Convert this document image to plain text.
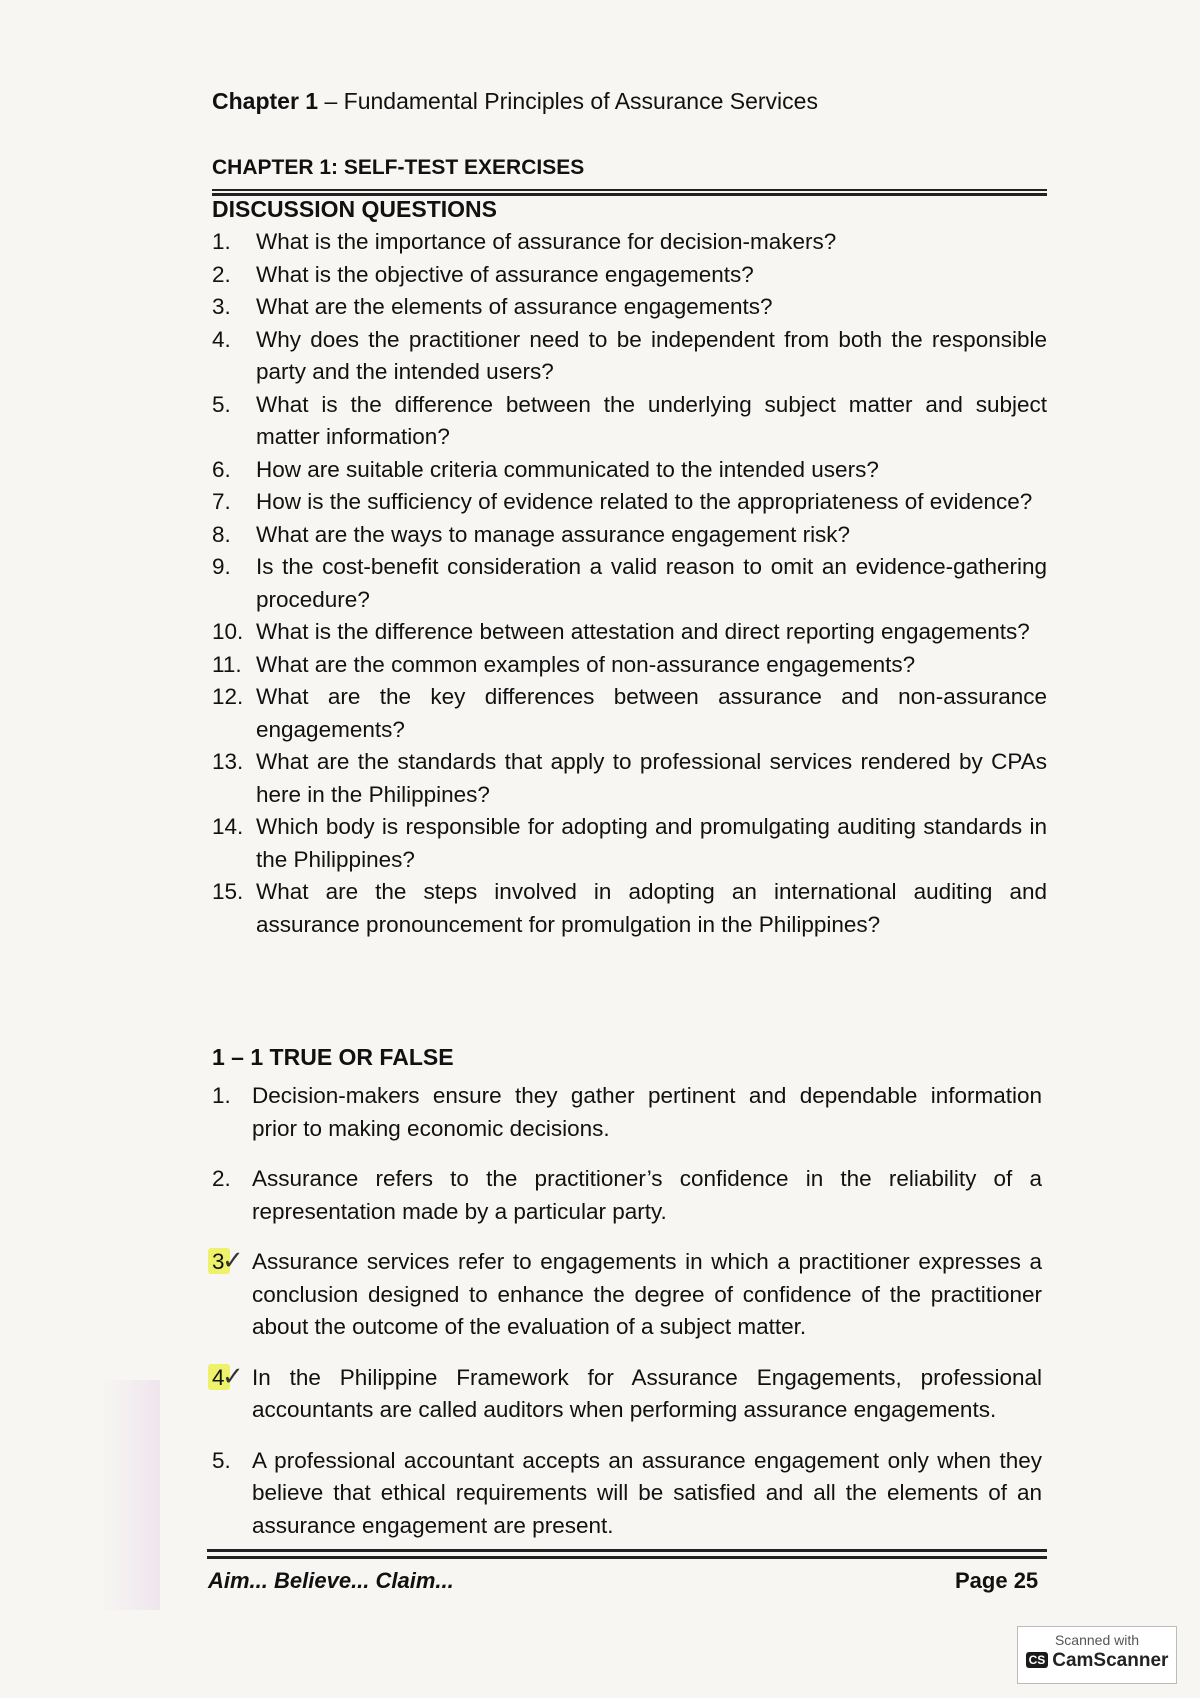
Chapter 1 – Fundamental Principles of Assurance Services
CHAPTER 1: SELF-TEST EXERCISES
DISCUSSION QUESTIONS
1.	What is the importance of assurance for decision-makers?
2.	What is the objective of assurance engagements?
3.	What are the elements of assurance engagements?
4.	Why does the practitioner need to be independent from both the responsible party and the intended users?
5.	What is the difference between the underlying subject matter and subject matter information?
6.	How are suitable criteria communicated to the intended users?
7.	How is the sufficiency of evidence related to the appropriateness of evidence?
8.	What are the ways to manage assurance engagement risk?
9.	Is the cost-benefit consideration a valid reason to omit an evidence-gathering procedure?
10. What is the difference between attestation and direct reporting engagements?
11. What are the common examples of non-assurance engagements?
12. What are the key differences between assurance and non-assurance engagements?
13. What are the standards that apply to professional services rendered by CPAs here in the Philippines?
14. Which body is responsible for adopting and promulgating auditing standards in the Philippines?
15. What are the steps involved in adopting an international auditing and assurance pronouncement for promulgation in the Philippines?
1 – 1 TRUE OR FALSE
1. Decision-makers ensure they gather pertinent and dependable information prior to making economic decisions.
2. Assurance refers to the practitioner’s confidence in the reliability of a representation made by a particular party.
3
✓ Assurance services refer to engagements in which a practitioner expresses a conclusion designed to enhance the degree of confidence of the practitioner about the outcome of the evaluation of a subject matter.
4
✓ In the Philippine Framework for Assurance Engagements, professional accountants are called auditors when performing assurance engagements.
5. A professional accountant accepts an assurance engagement only when they believe that ethical requirements will be satisfied and all the elements of an assurance engagement are present.
Aim... Believe... Claim...	Page 25
Scanned with
CS CamScanner
